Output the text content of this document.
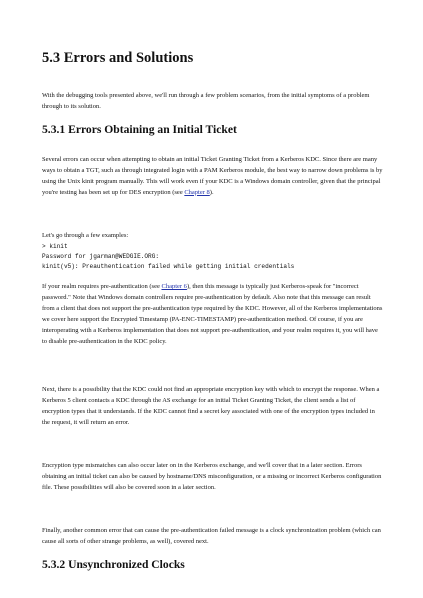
5.3 Errors and Solutions

With the debugging tools presented above, we'll run through a few problem scenarios, from the initial symptoms of a problem through to its solution.

5.3.1 Errors Obtaining an Initial Ticket

Several errors can occur when attempting to obtain an initial Ticket Granting Ticket from a Kerberos KDC. Since there are many ways to obtain a TGT, such as through integrated login with a PAM Kerberos module, the best way to narrow down problems is by using the Unix kinit program manually. This will work even if your KDC is a Windows domain controller, given that the principal you're testing has been set up for DES encryption (see Chapter 8).

Let's go through a few examples:

> kinit
Password for jgarman@WEDGIE.ORG:
kinit(v5): Preauthentication failed while getting initial credentials

If your realm requires pre-authentication (see Chapter 6), then this message is typically just Kerberos-speak for "incorrect password." Note that Windows domain controllers require pre-authentication by default. Also note that this message can result from a client that does not support the pre-authentication type required by the KDC. However, all of the Kerberos implementations we cover here support the Encrypted Timestamp (PA-ENC-TIMESTAMP) pre-authentication method. Of course, if you are interoperating with a Kerberos implementation that does not support pre-authentication, and your realm requires it, you will have to disable pre-authentication in the KDC policy.

Next, there is a possibility that the KDC could not find an appropriate encryption key with which to encrypt the response. When a Kerberos 5 client contacts a KDC through the AS exchange for an initial Ticket Granting Ticket, the client sends a list of encryption types that it understands. If the KDC cannot find a secret key associated with one of the encryption types included in the request, it will return an error.

Encryption type mismatches can also occur later on in the Kerberos exchange, and we'll cover that in a later section. Errors obtaining an initial ticket can also be caused by hostname/DNS misconfiguration, or a missing or incorrect Kerberos configuration file. These possibilities will also be covered soon in a later section.

Finally, another common error that can cause the pre-authentication failed message is a clock synchronization problem (which can cause all sorts of other strange problems, as well), covered next.

5.3.2 Unsynchronized Clocks
